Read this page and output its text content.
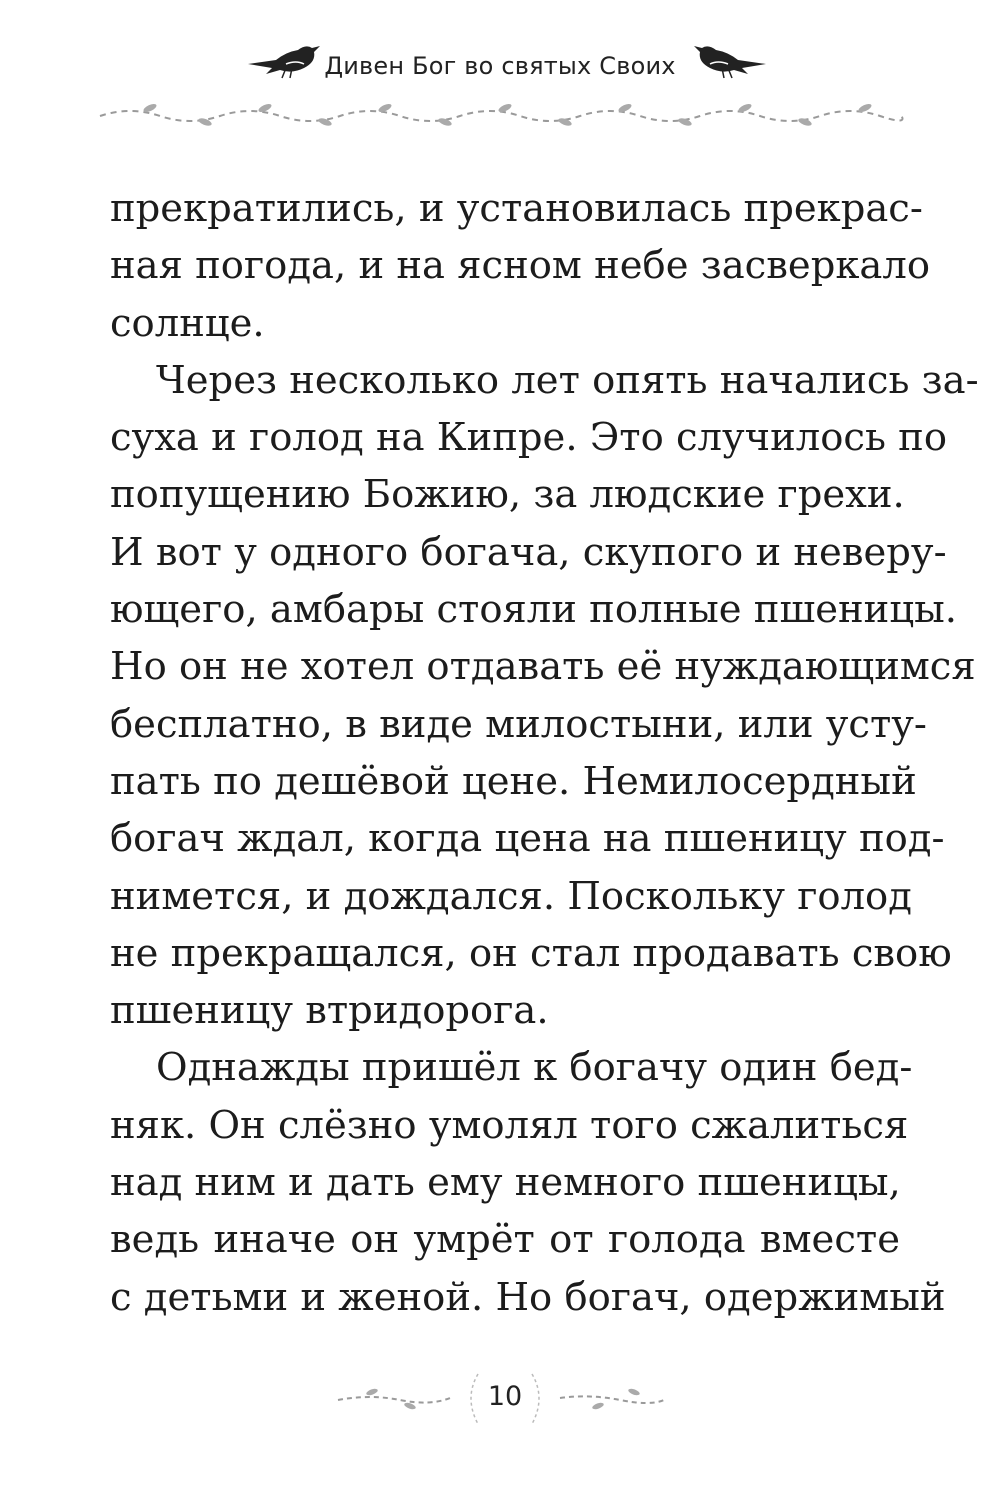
Дивен Бог во святых Своих

прекратились, и установилась прекрас-
ная погода, и на ясном небе засверкало
солнце.

Через несколько лет опять начались за-
суха и голод на Кипре. Это случилось по
попущению Божию, за людские грехи.
И вот у одного богача, скупого и неверу-
ющего, амбары стояли полные пшеницы.
Но он не хотел отдавать её нуждающимся
бесплатно, в виде милостыни, или усту-
пать по дешёвой цене. Немилосердный
богач ждал, когда цена на пшеницу под-
нимется, и дождался. Поскольку голод
не прекращался, он стал продавать свою
пшеницу втридорога.

Однажды пришёл к богачу один бед-
няк. Он слёзно умолял того сжалиться
над ним и дать ему немного пшеницы,
ведь иначе он умрёт от голода вместе
с детьми и женой. Но богач, одержимый

10
